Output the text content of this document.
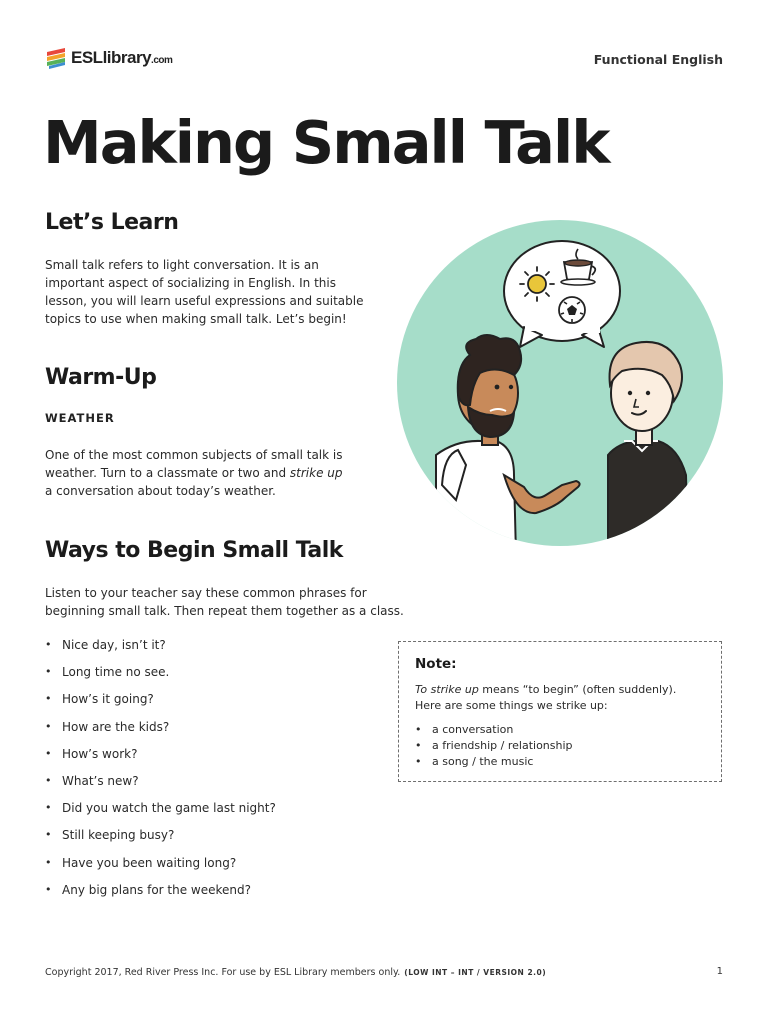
ESLlibrary.com	Functional English
Making Small Talk
Let’s Learn
Small talk refers to light conversation. It is an
important aspect of socializing in English. In this
lesson, you will learn useful expressions and suitable
topics to use when making small talk. Let’s begin!
Warm-Up
WEATHER
One of the most common subjects of small talk is
weather. Turn to a classmate or two and strike up
a conversation about today’s weather.
Ways to Begin Small Talk
Listen to your teacher say these common phrases for
beginning small talk. Then repeat them together as a class.
• Nice day, isn’t it?
• Long time no see.
• How’s it going?
• How are the kids?
• How’s work?
• What’s new?
• Did you watch the game last night?
• Still keeping busy?
• Have you been waiting long?
• Any big plans for the weekend?
Note:

To strike up means “to begin” (often suddenly).
Here are some things we strike up:

• a conversation
• a friendship / relationship
• a song / the music
Copyright 2017, Red River Press Inc. For use by ESL Library members only. (LOW INT – INT / VERSION 2.0)	1
